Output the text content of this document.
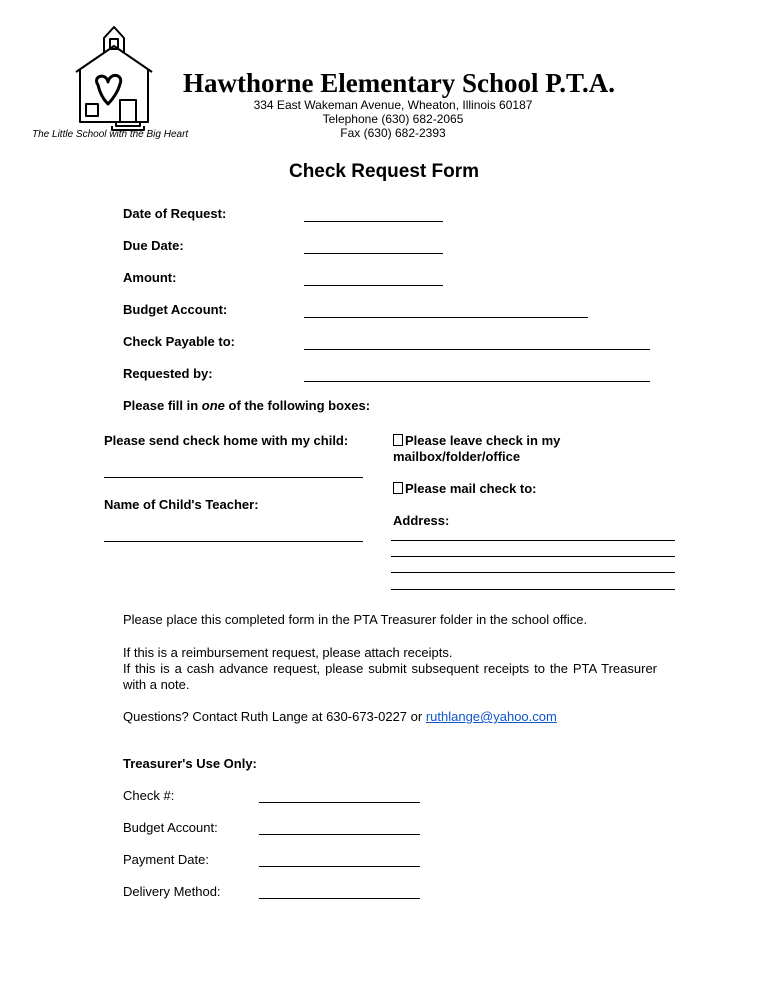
Hawthorne Elementary School P.T.A.
334 East Wakeman Avenue, Wheaton, Illinois 60187
Telephone (630) 682-2065
Fax (630) 682-2393
The Little School with the Big Heart
Check Request Form
Date of Request:
Due Date:
Amount:
Budget Account:
Check Payable to:
Requested by:
Please fill in one of the following boxes:
Please send check home with my child:
Name of Child's Teacher:
Please leave check in my mailbox/folder/office
Please mail check to:
Address:
Please place this completed form in the PTA Treasurer folder in the school office.
If this is a reimbursement request, please attach receipts.
If this is a cash advance request, please submit subsequent receipts to the PTA Treasurer with a note.
Questions? Contact Ruth Lange at 630-673-0227 or ruthlange@yahoo.com
Treasurer's Use Only:
Check #:
Budget Account:
Payment Date:
Delivery Method:
